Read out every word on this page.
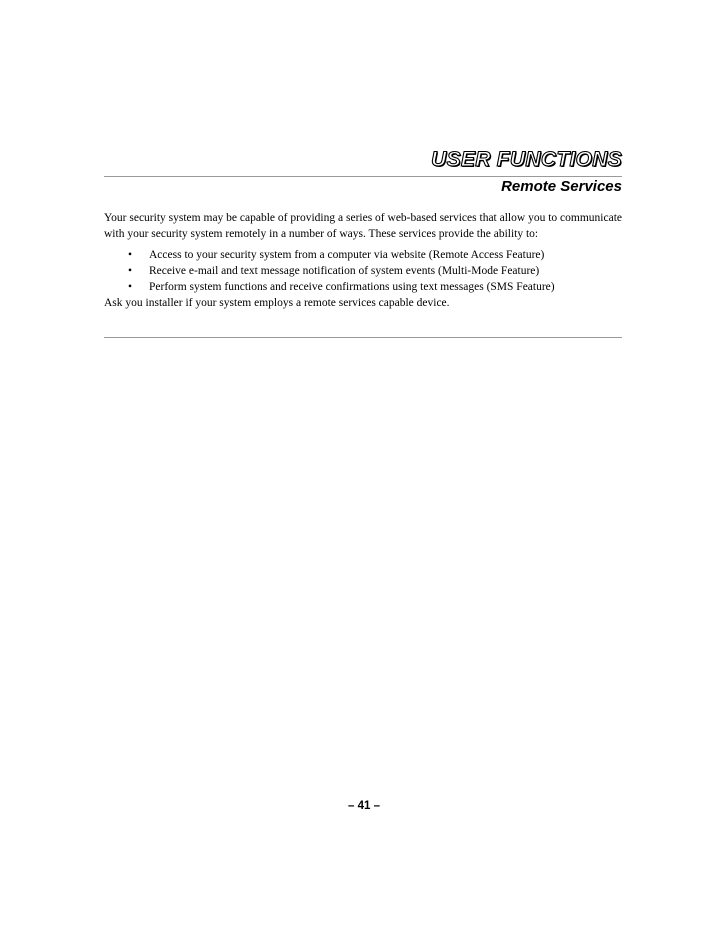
USER FUNCTIONS
Remote Services

Your security system may be capable of providing a series of web-based services that allow you to communicate with your security system remotely in a number of ways. These services provide the ability to:

• Access to your security system from a computer via website (Remote Access Feature)
• Receive e-mail and text message notification of system events (Multi-Mode Feature)
• Perform system functions and receive confirmations using text messages (SMS Feature)

Ask you installer if your system employs a remote services capable device.

– 41 –
